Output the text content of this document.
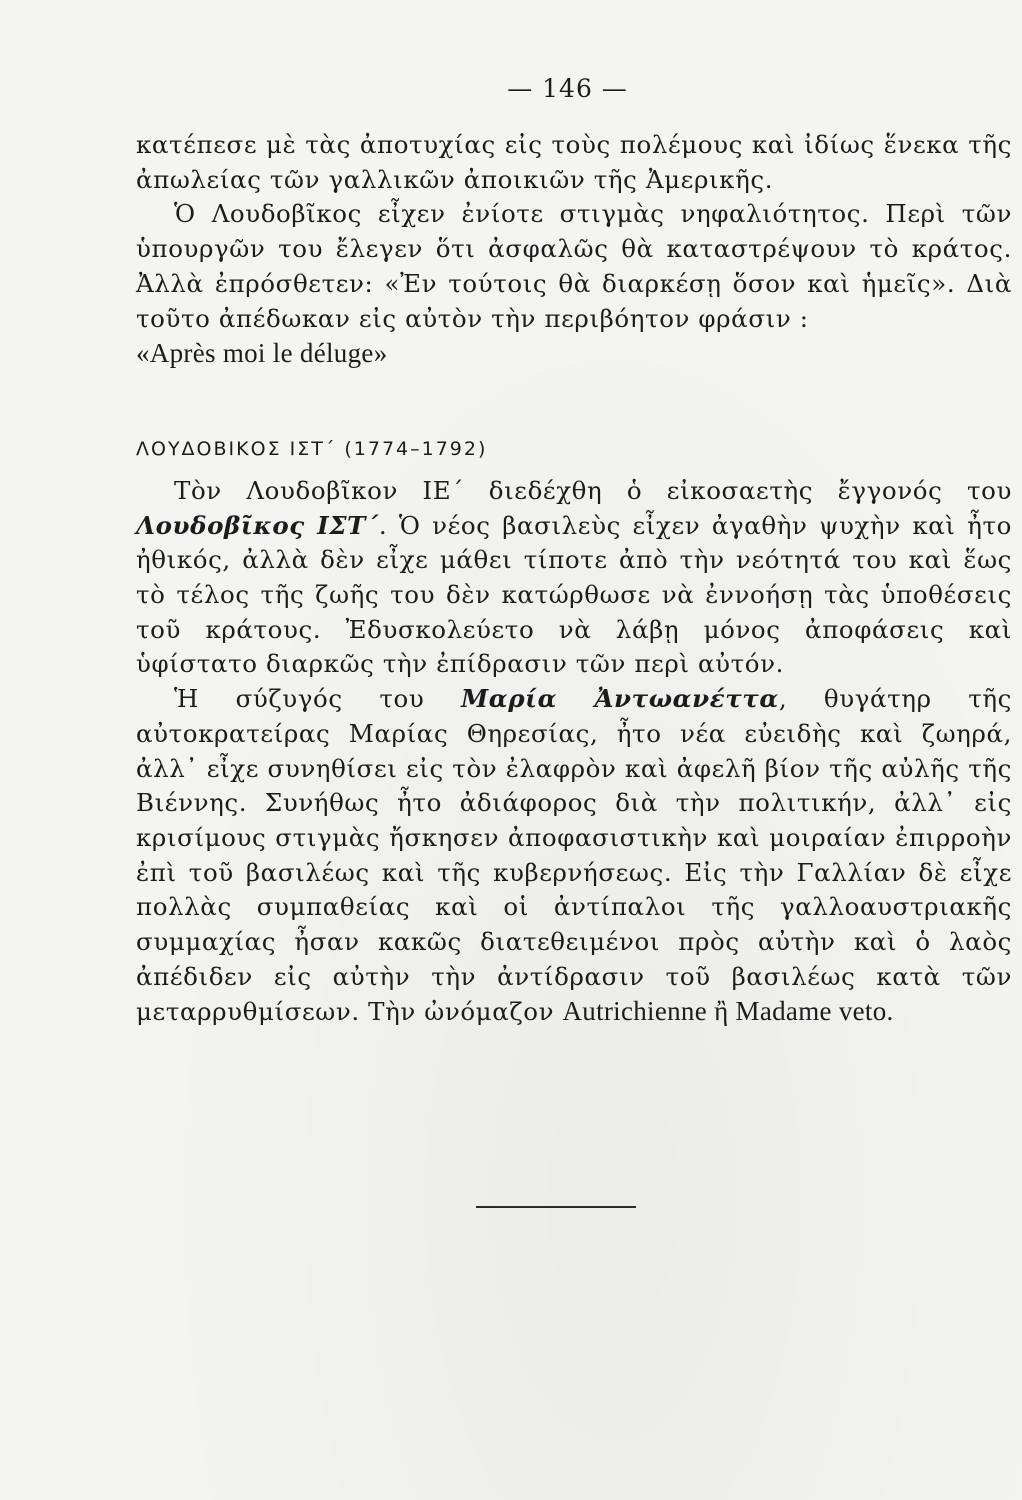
— 146 —

κατέπεσε μὲ τὰς ἀποτυχίας εἰς τοὺς πολέμους καὶ ἰδίως ἕνεκα τῆς ἀπωλείας τῶν γαλλικῶν ἀποικιῶν τῆς Ἀμερικῆς.

Ὁ Λουδοβῖκος εἶχεν ἐνίοτε στιγμὰς νηφαλιότητος. Περὶ τῶν ὑπουργῶν του ἔλεγεν ὅτι ἀσφαλῶς θὰ καταστρέψουν τὸ κράτος. Ἀλλὰ ἐπρόσθετεν: «Ἐν τούτοις θὰ διαρκέσῃ ὅσον καὶ ἡμεῖς». Διὰ τοῦτο ἀπέδωκαν εἰς αὐτὸν τὴν περιβόητον φράσιν :
«Après moi le déluge»

ΛΟΥΔΟΒΙΚΟΣ ΙΣΤ΄ (1774–1792)

Τὸν Λουδοβῖκον ΙΕ΄ διεδέχθη ὁ εἰκοσαετὴς ἔγγονός του Λουδοβῖκος ΙΣΤ΄. Ὁ νέος βασιλεὺς εἶχεν ἀγαθὴν ψυχὴν καὶ ἦτο ἠθικός, ἀλλὰ δὲν εἶχε μάθει τίποτε ἀπὸ τὴν νεότητά του καὶ ἕως τὸ τέλος τῆς ζωῆς του δὲν κατώρθωσε νὰ ἐννοήσῃ τὰς ὑποθέσεις τοῦ κράτους. Ἐδυσκολεύετο νὰ λάβῃ μόνος ἀποφάσεις καὶ ὑφίστατο διαρκῶς τὴν ἐπίδρασιν τῶν περὶ αὐτόν.

Ἡ σύζυγός του Μαρία Ἀντωανέττα, θυγάτηρ τῆς αὐτοκρατείρας Μαρίας Θηρεσίας, ἦτο νέα εὐειδὴς καὶ ζωηρά, ἀλλ᾽ εἶχε συνηθίσει εἰς τὸν ἐλαφρὸν καὶ ἀφελῆ βίον τῆς αὐλῆς τῆς Βιέννης. Συνήθως ἦτο ἀδιάφορος διὰ τὴν πολιτικήν, ἀλλ᾽ εἰς κρισίμους στιγμὰς ἤσκησεν ἀποφασιστικὴν καὶ μοιραίαν ἐπιρροὴν ἐπὶ τοῦ βασιλέως καὶ τῆς κυβερνήσεως. Εἰς τὴν Γαλλίαν δὲ εἶχε πολλὰς συμπαθείας καὶ οἱ ἀντίπαλοι τῆς γαλλοαυστριακῆς συμμαχίας ἦσαν κακῶς διατεθειμένοι πρὸς αὐτὴν καὶ ὁ λαὸς ἀπέδιδεν εἰς αὐτὴν τὴν ἀντίδρασιν τοῦ βασιλέως κατὰ τῶν μεταρρυθμίσεων. Τὴν ὠνόμαζον Autrichienne ἢ Madame veto.
